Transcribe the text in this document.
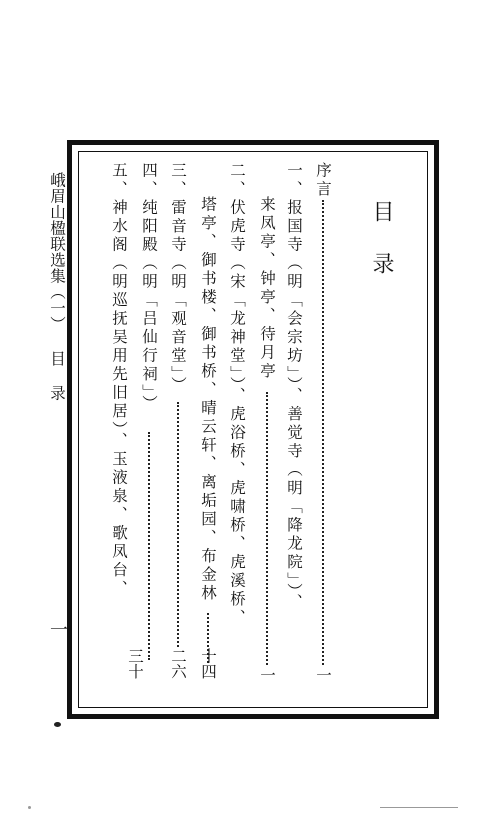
峨眉山楹联选集（一） 目 录
一
目录
序言
一
一、报国寺（明「会宗坊」）、善觉寺（明「降龙院」）、
来凤亭、钟亭、待月亭
一
二、伏虎寺（宋「龙神堂」）、虎浴桥、虎啸桥、虎溪桥、
塔亭、御书楼、御书桥、晴云轩、离垢园、布金林
十四
三、雷音寺（明「观音堂」）
二六
四、纯阳殿（明「吕仙行祠」）
五、神水阁（明巡抚吴用先旧居）、玉液泉、歌凤台、
三十
